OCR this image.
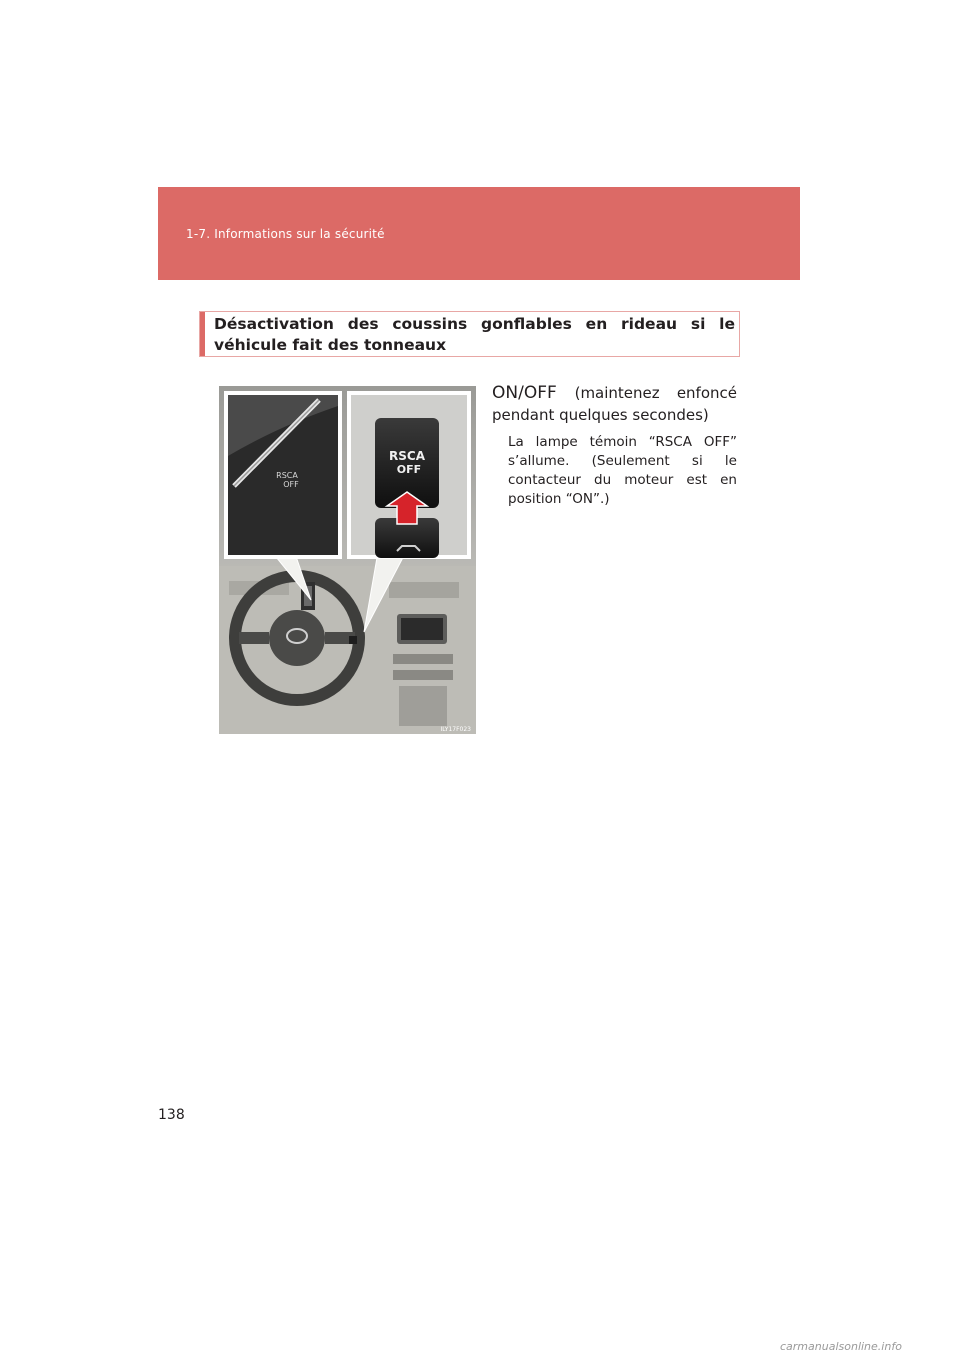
1-7. Informations sur la sécurité
Désactivation des coussins gonflables en rideau si le véhicule fait des tonneaux
RSCA
OFF
RSCA
OFF
ILY17F023
ON/OFF (maintenez enfoncé
pendant quelques secondes)
La lampe témoin “RSCA OFF” s’allume. (Seulement si le contacteur du moteur est en position “ON”.)
138
carmanualsonline.info
